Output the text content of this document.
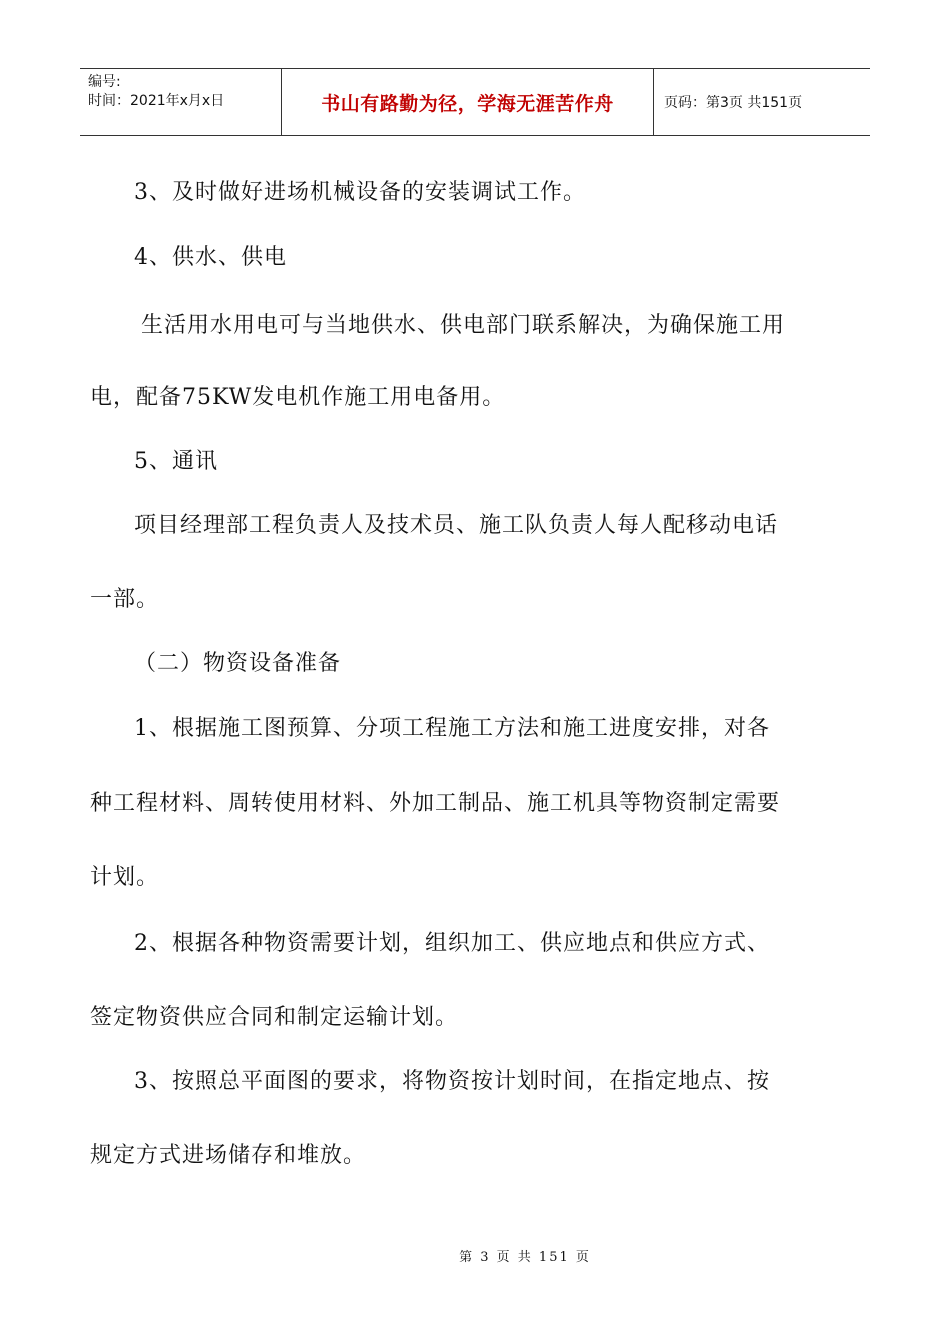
编号:
时间：2021年x月x日	书山有路勤为径，学海无涯苦作舟	页码：第3页 共151页
3、及时做好进场机械设备的安装调试工作。
4、供水、供电
生活用水用电可与当地供水、供电部门联系解决，为确保施工用
电，配备75KW发电机作施工用电备用。
5、通讯
项目经理部工程负责人及技术员、施工队负责人每人配移动电话
一部。
（二）物资设备准备
1、根据施工图预算、分项工程施工方法和施工进度安排，对各
种工程材料、周转使用材料、外加工制品、施工机具等物资制定需要
计划。
2、根据各种物资需要计划，组织加工、供应地点和供应方式、
签定物资供应合同和制定运输计划。
3、按照总平面图的要求，将物资按计划时间，在指定地点、按
规定方式进场储存和堆放。
第 3 页 共 151 页
